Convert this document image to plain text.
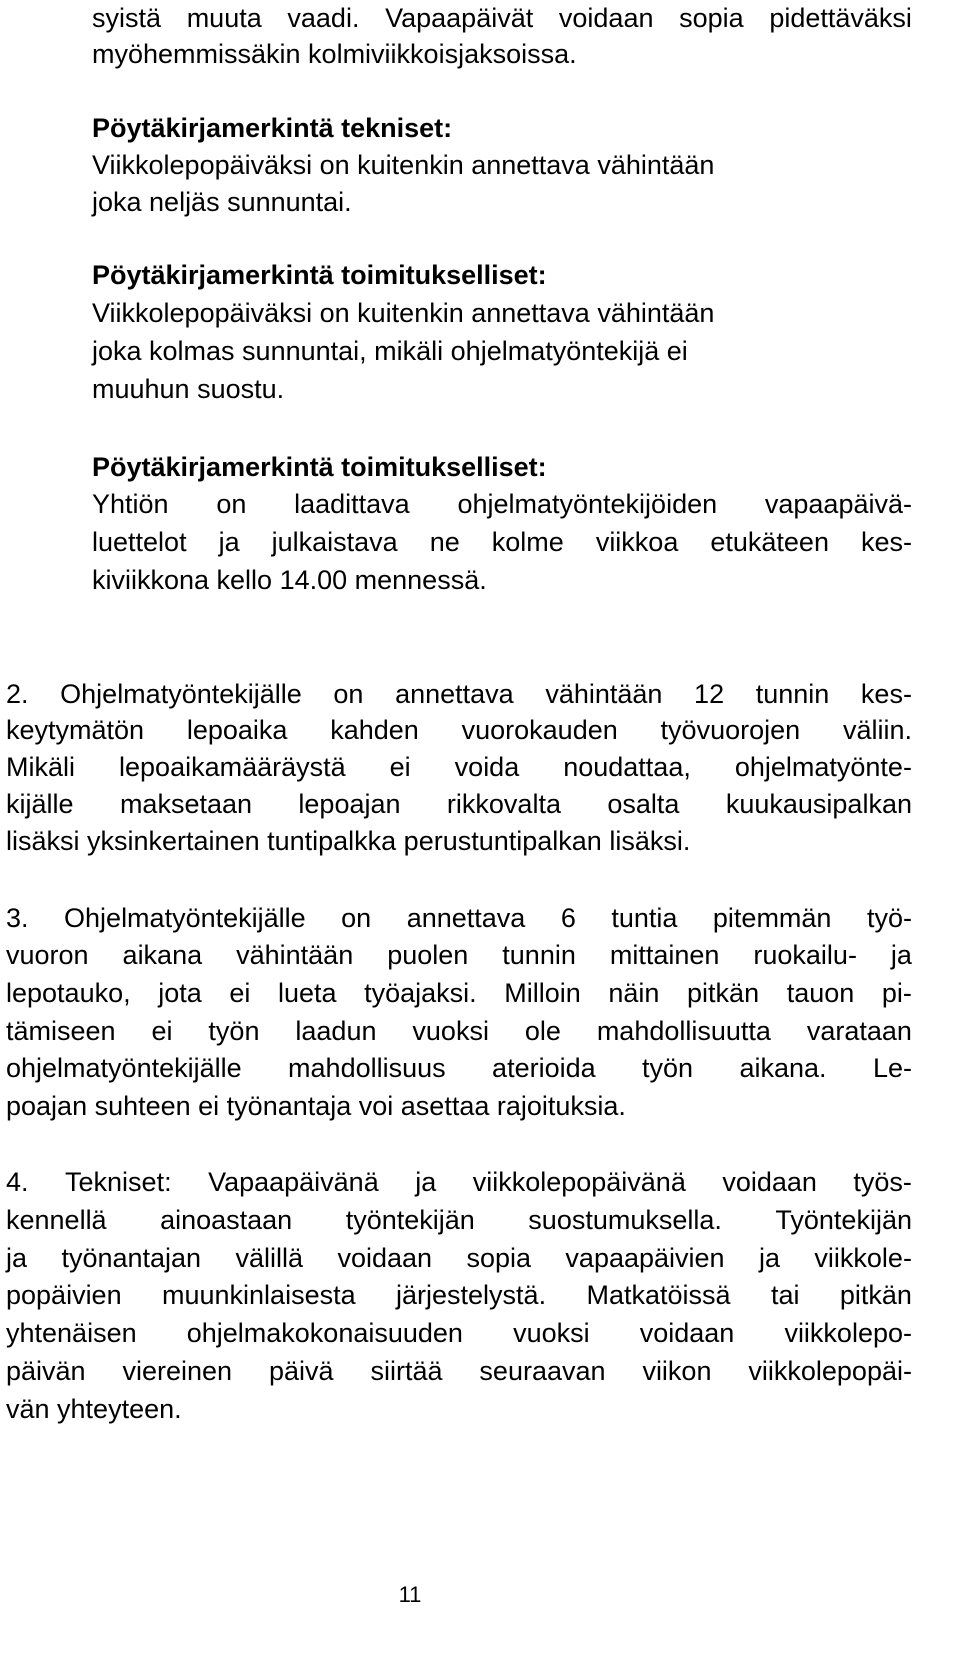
syistä muuta vaadi. Vapaapäivät voidaan sopia pidettäväksi
myöhemmissäkin kolmiviikkoisjaksoissa.
Pöytäkirjamerkintä tekniset:
Viikkolepopäiväksi on kuitenkin annettava vähintään
joka neljäs sunnuntai.
Pöytäkirjamerkintä toimitukselliset:
Viikkolepopäiväksi on kuitenkin annettava vähintään
joka kolmas sunnuntai, mikäli ohjelmatyöntekijä ei
muuhun suostu.
Pöytäkirjamerkintä toimitukselliset:
Yhtiön on laadittava ohjelmatyöntekijöiden vapaapäivä-
luettelot ja julkaistava ne kolme viikkoa etukäteen kes-
kiviikkona kello 14.00 mennessä.
2. Ohjelmatyöntekijälle on annettava vähintään 12 tunnin kes-
keytymätön lepoaika kahden vuorokauden työvuorojen väliin.
Mikäli lepoaikamääräystä ei voida noudattaa, ohjelmatyönte-
kijälle maksetaan lepoajan rikkovalta osalta kuukausipalkan
lisäksi yksinkertainen tuntipalkka perustuntipalkan lisäksi.
3. Ohjelmatyöntekijälle on annettava 6 tuntia pitemmän työ-
vuoron aikana vähintään puolen tunnin mittainen ruokailu- ja
lepotauko, jota ei lueta työajaksi. Milloin näin pitkän tauon pi-
tämiseen ei työn laadun vuoksi ole mahdollisuutta varataan
ohjelmatyöntekijälle mahdollisuus aterioida työn aikana. Le-
poajan suhteen ei työnantaja voi asettaa rajoituksia.
4. Tekniset: Vapaapäivänä ja viikkolepopäivänä voidaan työs-
kennellä ainoastaan työntekijän suostumuksella. Työntekijän
ja työnantajan välillä voidaan sopia vapaapäivien ja viikkole-
popäivien muunkinlaisesta järjestelystä. Matkatöissä tai pitkän
yhtenäisen ohjelmakokonaisuuden vuoksi voidaan viikkolepo-
päivän viereinen päivä siirtää seuraavan viikon viikkolepopäi-
vän yhteyteen.
11
